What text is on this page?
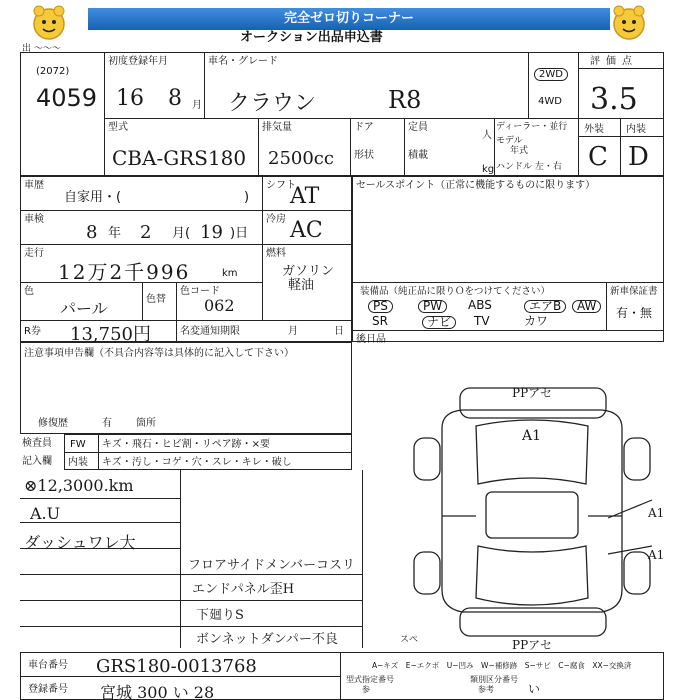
完全ゼロ切りコーナー
オークション出品申込書
出 ～～～
(2072)
4059
初度登録年月
16 8 月
車名・グレード
クラウン	R8
2WD
4WD
評価点
3.5
型式
CBA-GRS180
排気量
2500cc
ドア
形状
定員
人
積載
kg
ディーラー・並行
モデル
年式
ハンドル 左・右
外装 内装
C D
車歴
自家用・(	)
シフト
AT
車検
8 年 2 月( 19 )日
冷房 AC
走行
12万2千996	km
燃料
ガソリン
軽油
色
パール	色替
色コード
062
R券 13,750円	名変通知期限	月	日
セールスポイント（正常に機能するものに限ります）
装備品（純正品に限りＯをつけてください）	新車保証書
有・無
PS	PW	ABS	エアB	AW
SR	ナビ	TV	カワ
後日品
注意事項申告欄（不具合内容等は具体的に記入して下さい）
修復歴	有 箇所
検査員
記入欄
FW キズ・飛石・ヒビ割・リペア跡・×要
内装 キズ・汚し・コゲ・穴・スレ・キレ・破し
⊗12,3000.km
A.U
ダッシュワレ大
フロアサイドメンバーコスリ
エンドパネル歪H
下廻りS
ボンネットダンパー不良
PPアセ
A1
A1
A1
スペ	PPアセ
A−キズ　E−エクボ　U−凹み　W−補修跡　S−サビ　C−腐食　XX−交換済
車台番号 GRS180-0013768
登録番号 宮城 300 い 28
型式指定番号
参
類別区分番号
参考	い
